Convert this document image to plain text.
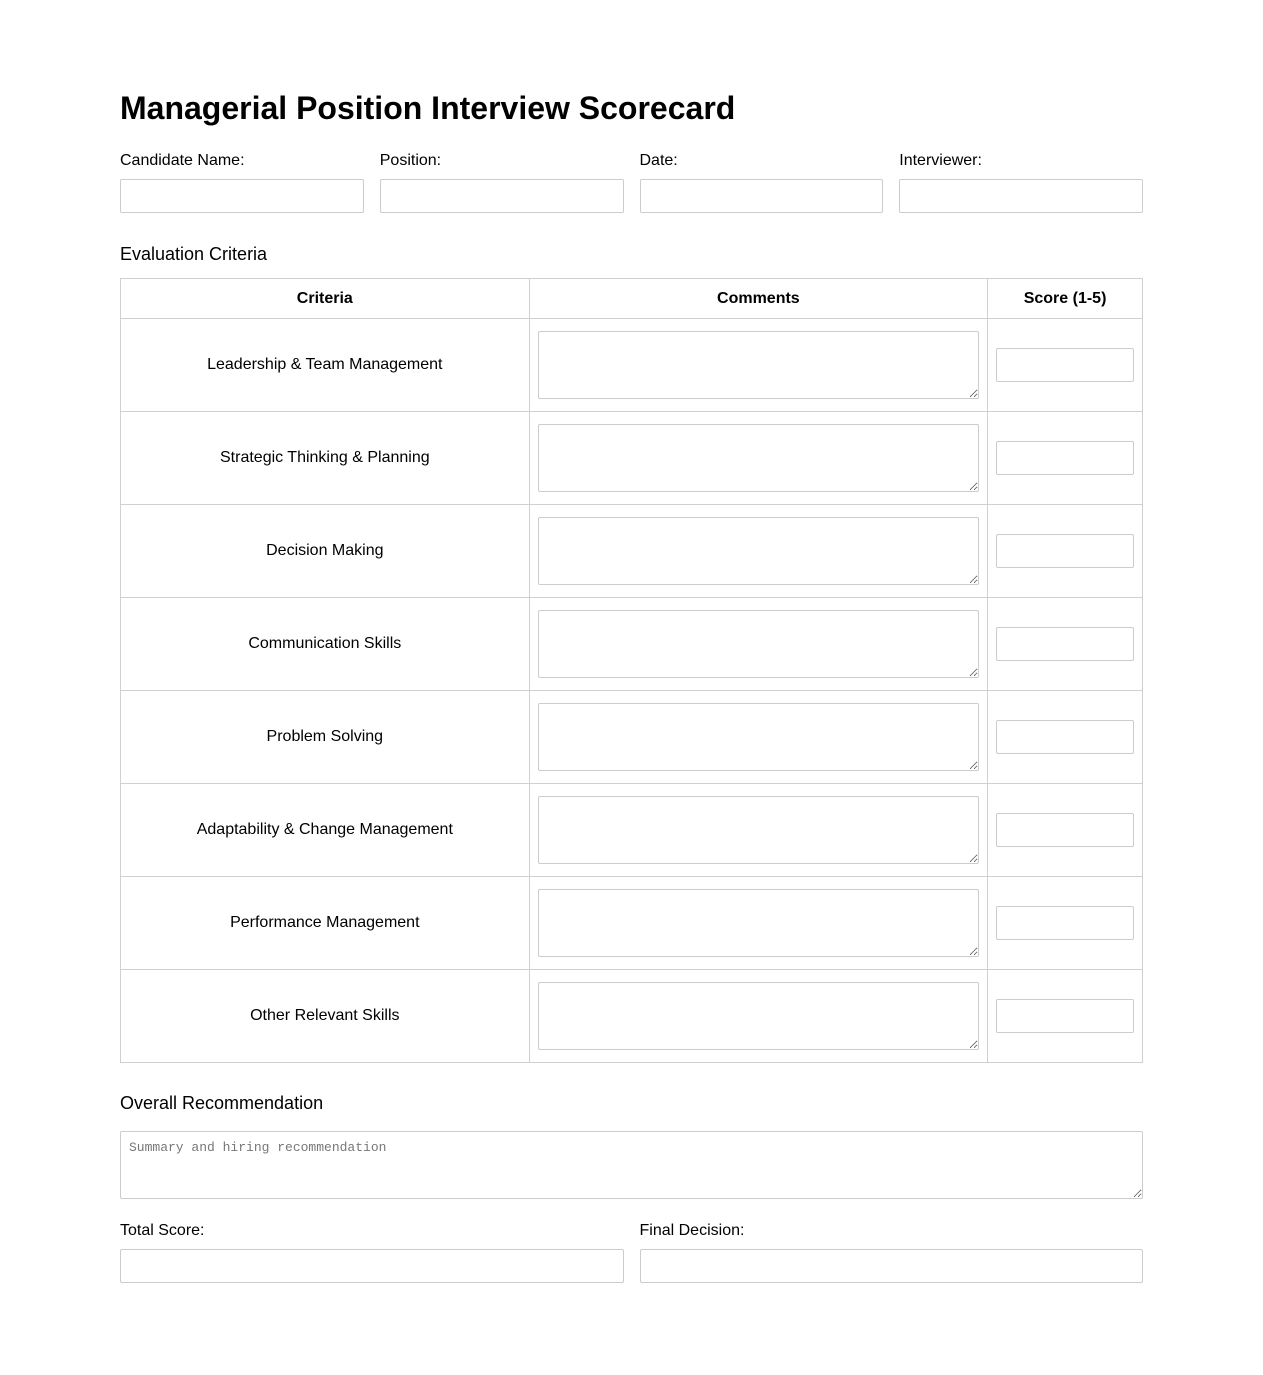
Managerial Position Interview Scorecard
Candidate Name:	Position:	Date:	Interviewer:
Evaluation Criteria
Criteria	Comments	Score (1-5)
Leadership & Team Management	

Strategic Thinking & Planning	

Decision Making	

Communication Skills	

Problem Solving	

Adaptability & Change Management	

Performance Management	

Other Relevant Skills	

Overall Recommendation
Summary and hiring recommendation
Total Score:	Final Decision:
